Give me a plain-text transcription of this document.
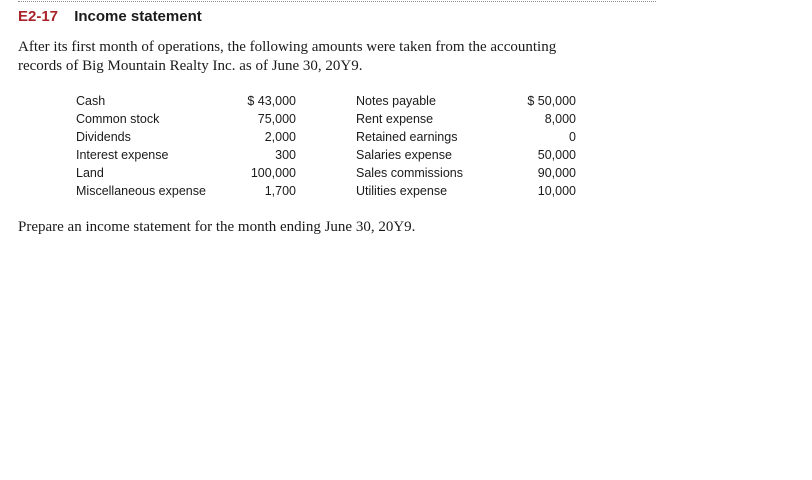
E2-17 Income statement
After its first month of operations, the following amounts were taken from the accounting
records of Big Mountain Realty Inc. as of June 30, 20Y9.
Cash	$ 43,000	Notes payable	$ 50,000
Common stock	75,000	Rent expense	8,000
Dividends	2,000	Retained earnings	0
Interest expense	300	Salaries expense	50,000
Land	100,000	Sales commissions	90,000
Miscellaneous expense	1,700	Utilities expense	10,000
Prepare an income statement for the month ending June 30, 20Y9.
